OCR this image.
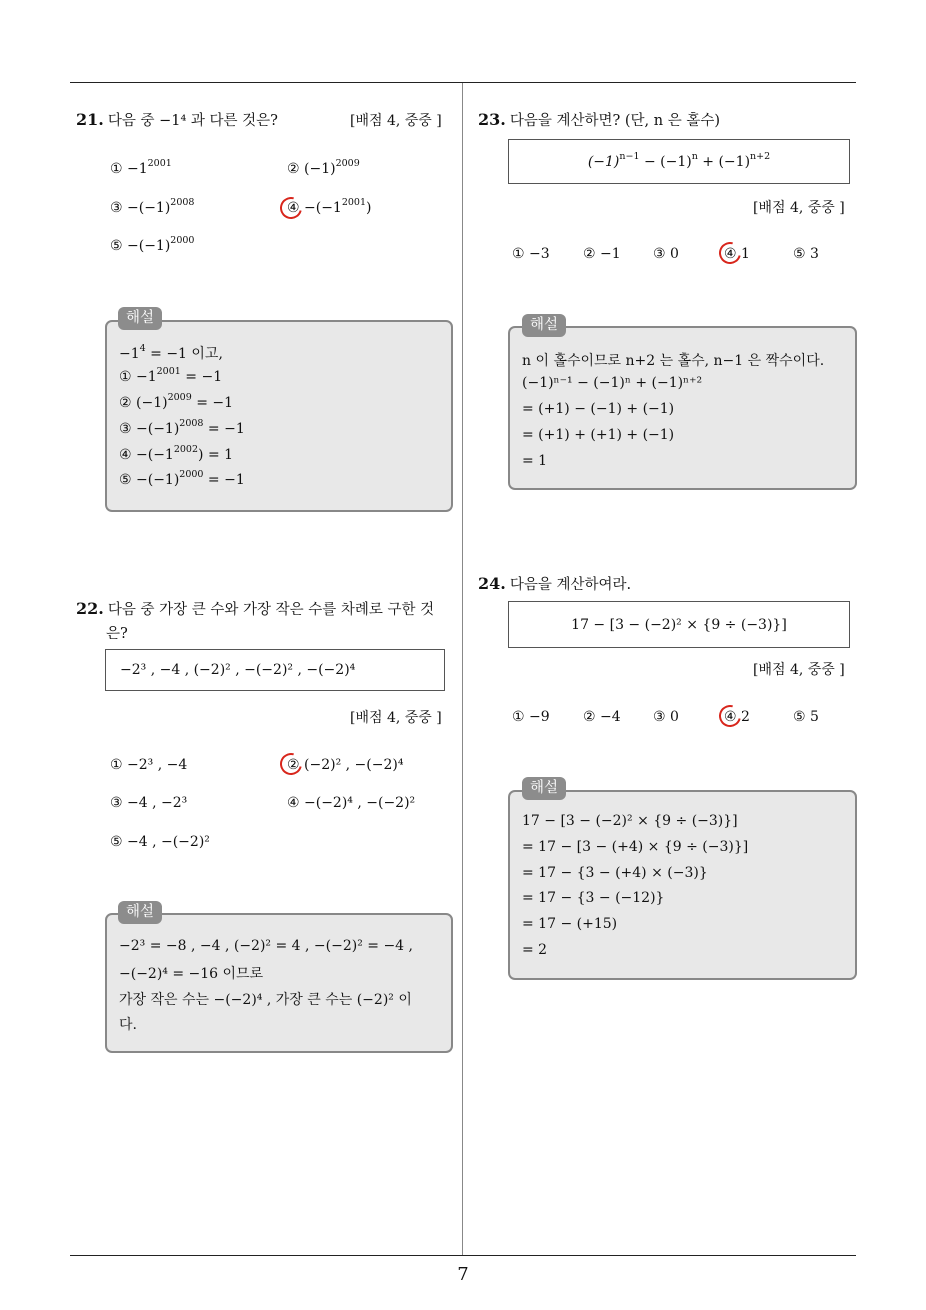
21. 다음 중 −1⁴ 과 다른 것은?	[배점 4, 중중 ]
① $-1^{2001}$	② $(-1)^{2009}$
③ $-(-1)^{2008}$	④ $-(-1^{2001})$
⑤ $-(-1)^{2000}$
해설
$-1^4 = -1$ 이고,
① $-1^{2001} = -1$
② $(-1)^{2009} = -1$
③ $-(-1)^{2008} = -1$
④ $-(-1^{2002}) = 1$
⑤ $-(-1)^{2000} = -1$
22. 다음 중 가장 큰 수와 가장 작은 수를 차례로 구한 것
은?
−2³ , −4 , (−2)² , −(−2)² , −(−2)⁴
[배점 4, 중중 ]
① −2³ , −4	② (−2)² , −(−2)⁴
③ −4 , −2³	④ −(−2)⁴ , −(−2)²
⑤ −4 , −(−2)²
해설
−2³ = −8 , −4 , (−2)² = 4 , −(−2)² = −4 ,
−(−2)⁴ = −16 이므로
가장 작은 수는 −(−2)⁴ , 가장 큰 수는 (−2)² 이
다.
23. 다음을 계산하면? (단, n 은 홀수)
$(-1)^{n-1} - (-1)^n + (-1)^{n+2}$
[배점 4, 중중 ]
① −3 ② −1 ③ 0	④ 1	⑤ 3
해설
n 이 홀수이므로 n+2 는 홀수, n−1 은 짝수이다.
(−1)ⁿ⁻¹ − (−1)ⁿ + (−1)ⁿ⁺²
= (+1) − (−1) + (−1)
= (+1) + (+1) + (−1)
= 1
24. 다음을 계산하여라.
17 − [3 − (−2)² × {9 ÷ (−3)}]
[배점 4, 중중 ]
① −9 ② −4 ③ 0	④ 2	⑤ 5
해설
17 − [3 − (−2)² × {9 ÷ (−3)}]
= 17 − [3 − (+4) × {9 ÷ (−3)}]
= 17 − {3 − (+4) × (−3)}
= 17 − {3 − (−12)}
= 17 − (+15)
= 2
7
